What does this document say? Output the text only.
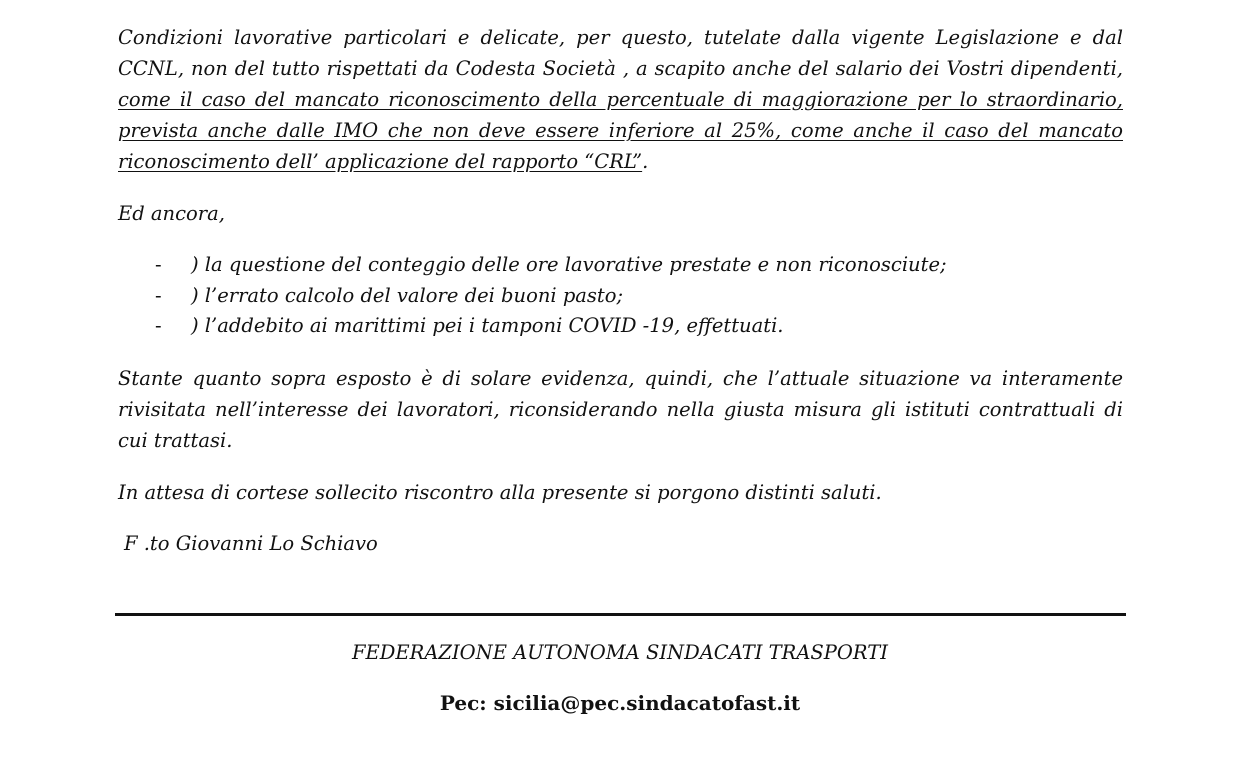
Condizioni lavorative particolari e delicate, per questo, tutelate dalla vigente Legislazione e dal CCNL, non del tutto rispettati da Codesta Società , a scapito anche del salario dei Vostri dipendenti, come il caso del mancato riconoscimento della percentuale di maggiorazione per lo straordinario, prevista anche dalle IMO che non deve essere inferiore al 25%, come anche il caso del mancato riconoscimento dell’ applicazione del rapporto “CRL”.

Ed ancora,

- ) la questione del conteggio delle ore lavorative prestate e non riconosciute;
- ) l’errato calcolo del valore dei buoni pasto;
- ) l’addebito ai marittimi pei i tamponi COVID -19, effettuati.

Stante quanto sopra esposto è di solare evidenza, quindi, che l’attuale situazione va interamente rivisitata nell’interesse dei lavoratori, riconsiderando nella giusta misura gli istituti contrattuali di cui trattasi.

In attesa di cortese sollecito riscontro alla presente si porgono distinti saluti.

F .to Giovanni Lo Schiavo
FEDERAZIONE AUTONOMA SINDACATI TRASPORTI
Pec: sicilia@pec.sindacatofast.it
